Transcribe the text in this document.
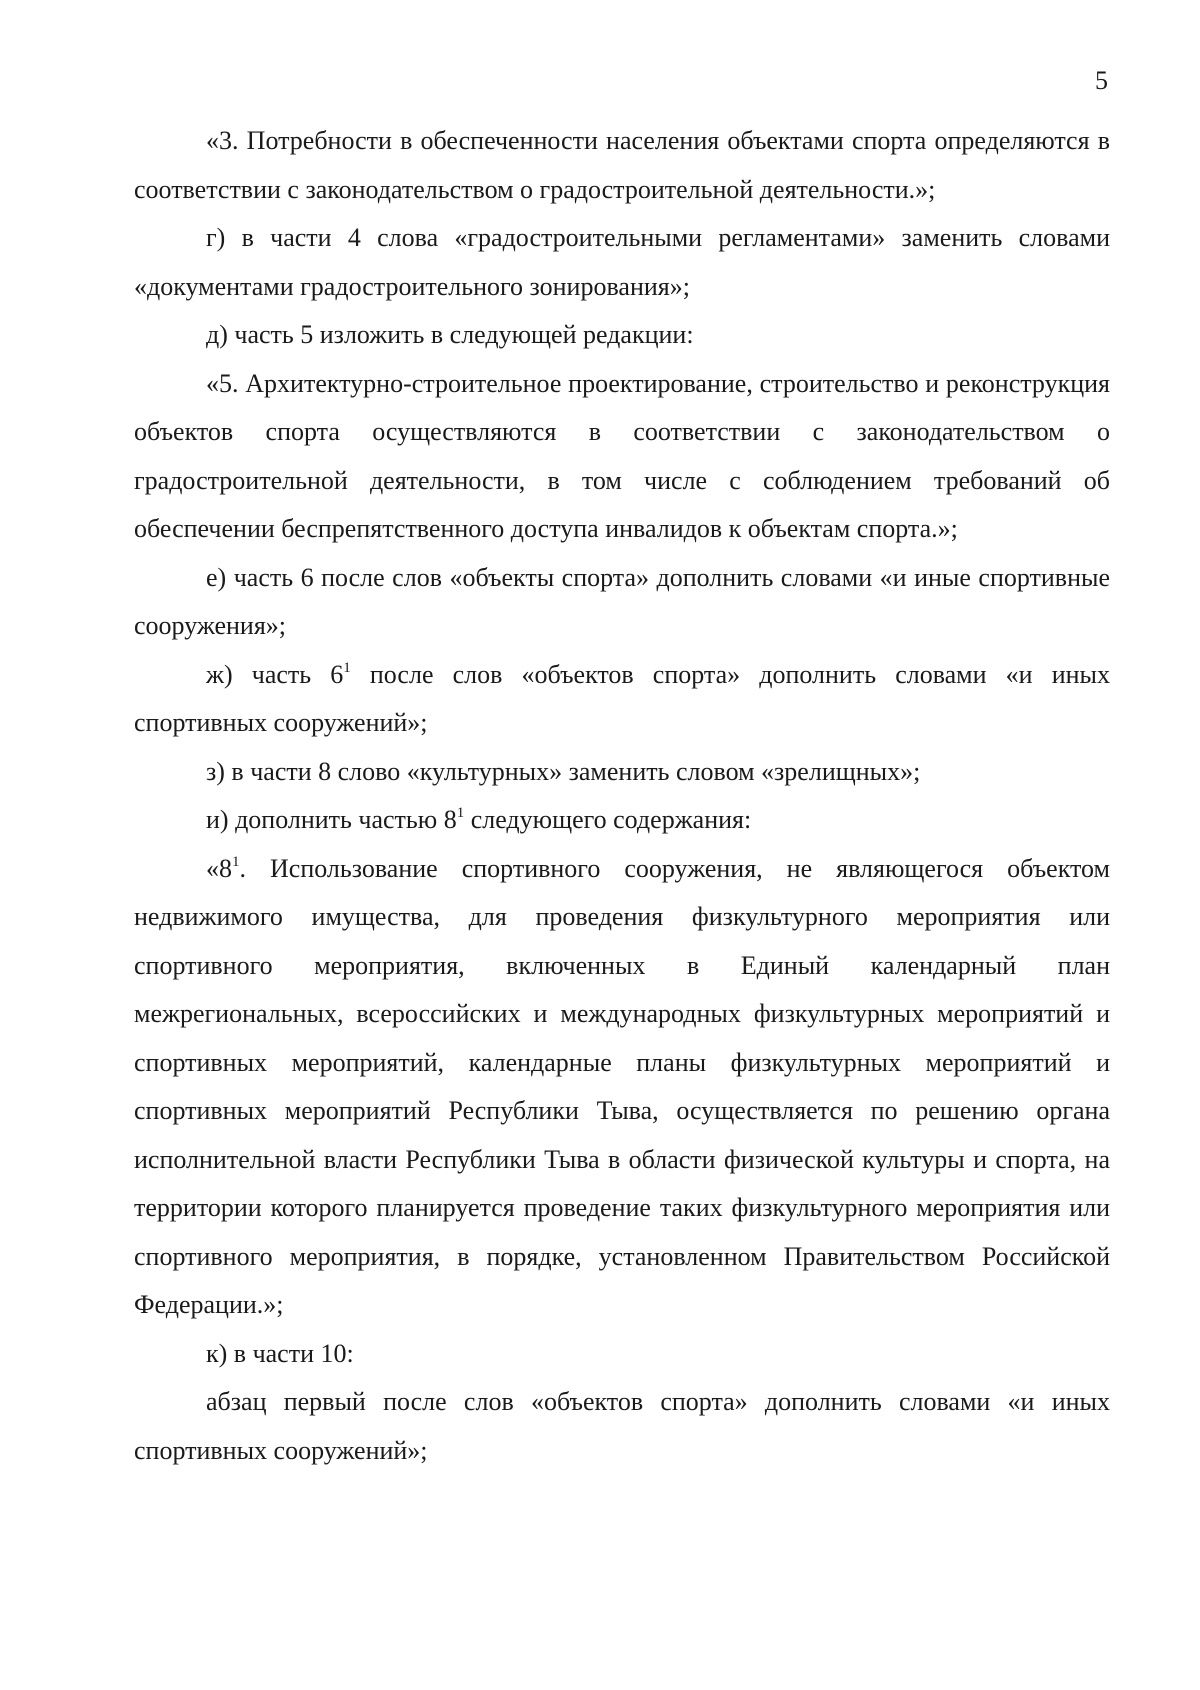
5

«3. Потребности в обеспеченности населения объектами спорта определяются в соответствии с законодательством о градостроительной деятельности.»;

г) в части 4 слова «градостроительными регламентами» заменить словами «документами градостроительного зонирования»;

д) часть 5 изложить в следующей редакции:

«5. Архитектурно-строительное проектирование, строительство и реконструкция объектов спорта осуществляются в соответствии с законодательством о градостроительной деятельности, в том числе с соблюдением требований об обеспечении беспрепятственного доступа инвалидов к объектам спорта.»;

е) часть 6 после слов «объекты спорта» дополнить словами «и иные спортивные сооружения»;

ж) часть $6^1$ после слов «объектов спорта» дополнить словами «и иных спортивных сооружений»;

з) в части 8 слово «культурных» заменить словом «зрелищных»;

и) дополнить частью $8^1$ следующего содержания:

«$8^1$. Использование спортивного сооружения, не являющегося объектом недвижимого имущества, для проведения физкультурного мероприятия или спортивного мероприятия, включенных в Единый календарный план межрегиональных, всероссийских и международных физкультурных мероприятий и спортивных мероприятий, календарные планы физкультурных мероприятий и спортивных мероприятий Республики Тыва, осуществляется по решению органа исполнительной власти Республики Тыва в области физической культуры и спорта, на территории которого планируется проведение таких физкультурного мероприятия или спортивного мероприятия, в порядке, установленном Правительством Российской Федерации.»;

к) в части 10:

абзац первый после слов «объектов спорта» дополнить словами «и иных спортивных сооружений»;
